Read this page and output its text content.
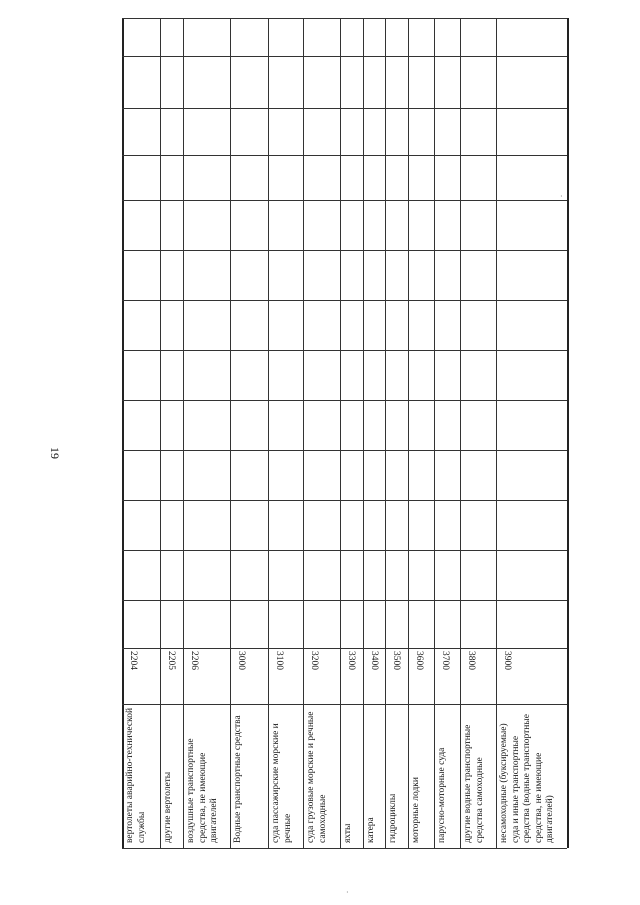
вертолеты аварийно-технической службы
2204
другие вертолеты
2205
воздушные транспортные средства, не имеющие двигателей
2206
Водные транспортные средства
3000
суда пассажирские морские и речные
3100
суда грузовые морские и речные самоходные
3200
яхты
3300
катера
3400
гидроциклы
3500
моторные лодки
3600
парусно-моторные суда
3700
другие водные транспортные средства самоходные
3800
несамоходные (буксируемые) суда и иные транспортные средства (водные транспортные средства, не имеющие двигателей)
3900
·
·
19
